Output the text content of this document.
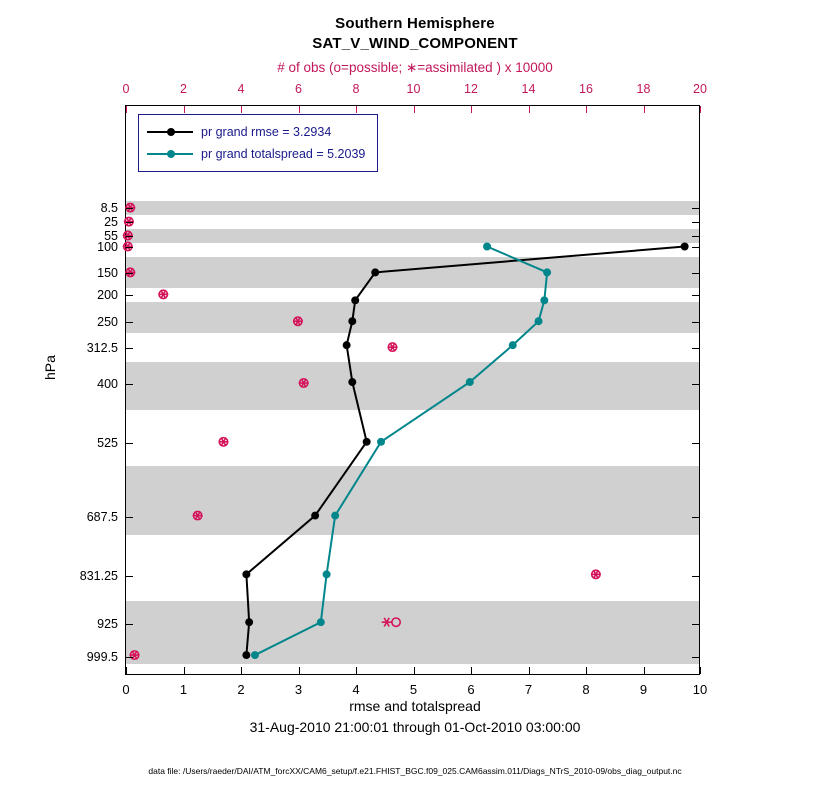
Southern Hemisphere
SAT_V_WIND_COMPONENT
# of obs (o=possible; ∗=assimilated ) x 10000
pr grand rmse = 3.2934
pr grand totalspread = 5.2039
0	2	4	6	8	10	12	14	16	18	20
0	1	2	3	4	5	6	7	8	9	10
8.5
25
55
100
150
200
250
312.5
400
525
687.5
831.25
925
999.5
hPa
rmse and totalspread
31-Aug-2010 21:00:01 through 01-Oct-2010 03:00:00
data file: /Users/raeder/DAI/ATM_forcXX/CAM6_setup/f.e21.FHIST_BGC.f09_025.CAM6assim.011/Diags_NTrS_2010-09/obs_diag_output.nc
